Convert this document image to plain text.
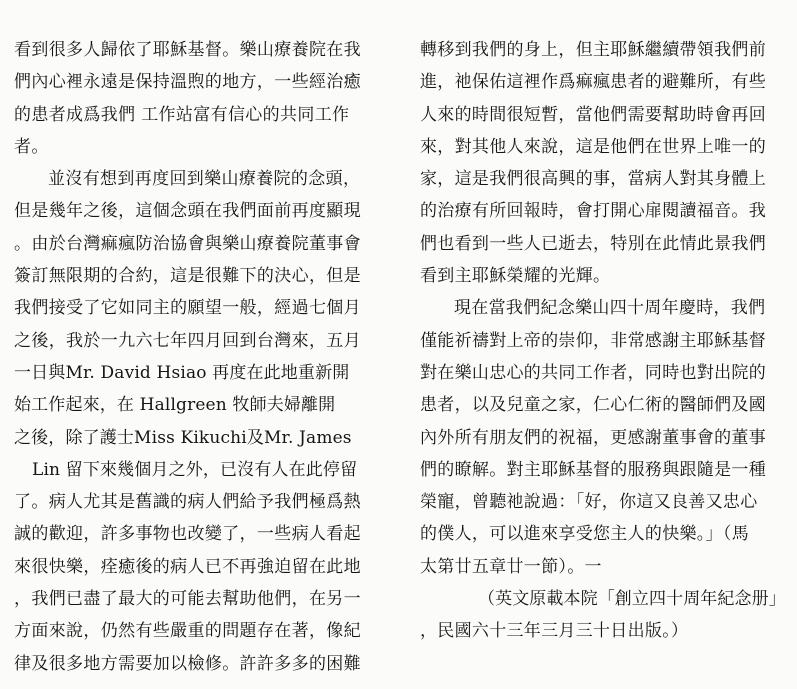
看到很多人歸依了耶穌基督。樂山療養院在我
們內心裡永遠是保持溫煦的地方，一些經治癒
的患者成爲我們 工作站富有信心的共同工作
者。
並沒有想到再度回到樂山療養院的念頭，
但是幾年之後，這個念頭在我們面前再度顯現
。由於台灣痲瘋防治協會與樂山療養院董事會
簽訂無限期的合約，這是很難下的決心，但是
我們接受了它如同主的願望一般，經過七個月
之後，我於一九六七年四月回到台灣來，五月
一日與Mr. David Hsiao 再度在此地重新開
始工作起來，在 Hallgreen 牧師夫婦離開
之後，除了護士Miss Kikuchi及Mr. James
Lin 留下來幾個月之外，已沒有人在此停留
了。病人尤其是舊識的病人們給予我們極爲熱
誠的歡迎，許多事物也改變了，一些病人看起
來很快樂，痊癒後的病人已不再強迫留在此地
，我們已盡了最大的可能去幫助他們，在另一
方面來說，仍然有些嚴重的問題存在著，像紀
律及很多地方需要加以檢修。許許多多的困難
轉移到我們的身上，但主耶穌繼續帶領我們前
進，祂保佑這裡作爲痲瘋患者的避難所，有些
人來的時間很短暫，當他們需要幫助時會再回
來，對其他人來說，這是他們在世界上唯一的
家，這是我們很高興的事，當病人對其身體上
的治療有所回報時，會打開心扉閱讀福音。我
們也看到一些人已逝去，特別在此情此景我們
看到主耶穌榮耀的光輝。
現在當我們紀念樂山四十周年慶時，我們
僅能祈禱對上帝的崇仰，非常感謝主耶穌基督
對在樂山忠心的共同工作者，同時也對出院的
患者，以及兒童之家，仁心仁術的醫師們及國
內外所有朋友們的祝福，更感謝董事會的董事
們的瞭解。對主耶穌基督的服務與跟隨是一種
榮寵，曾聽祂說過：「好，你這又良善又忠心
的僕人，可以進來享受您主人的快樂。」（馬
太第廿五章廿一節）。一
（英文原載本院「創立四十周年紀念册」
，民國六十三年三月三十日出版。）
